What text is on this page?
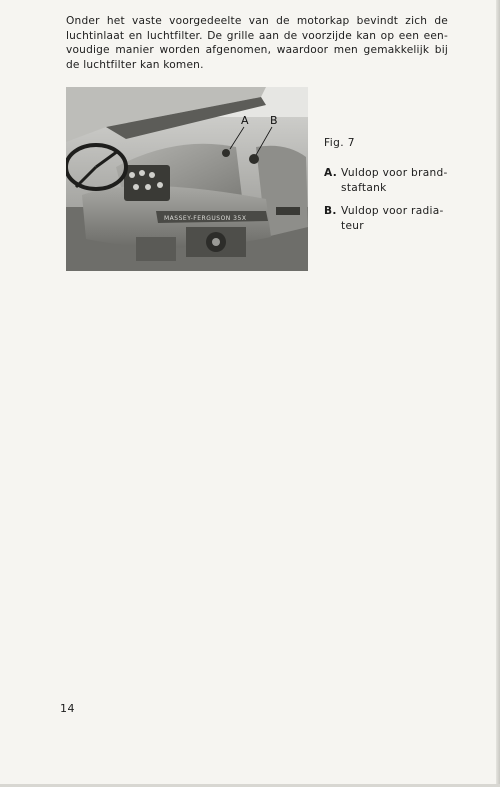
Onder het vaste voorgedeelte van de motorkap bevindt zich de
luchtinlaat en luchtfilter. De grille aan de voorzijde kan op een een-
voudige manier worden afgenomen, waardoor men gemakkelijk bij
de luchtfilter kan komen.

MASSEY-FERGUSON 35X
A B

Fig. 7

A. Vuldop voor brand-staftank
B. Vuldop voor radia-teur
14
